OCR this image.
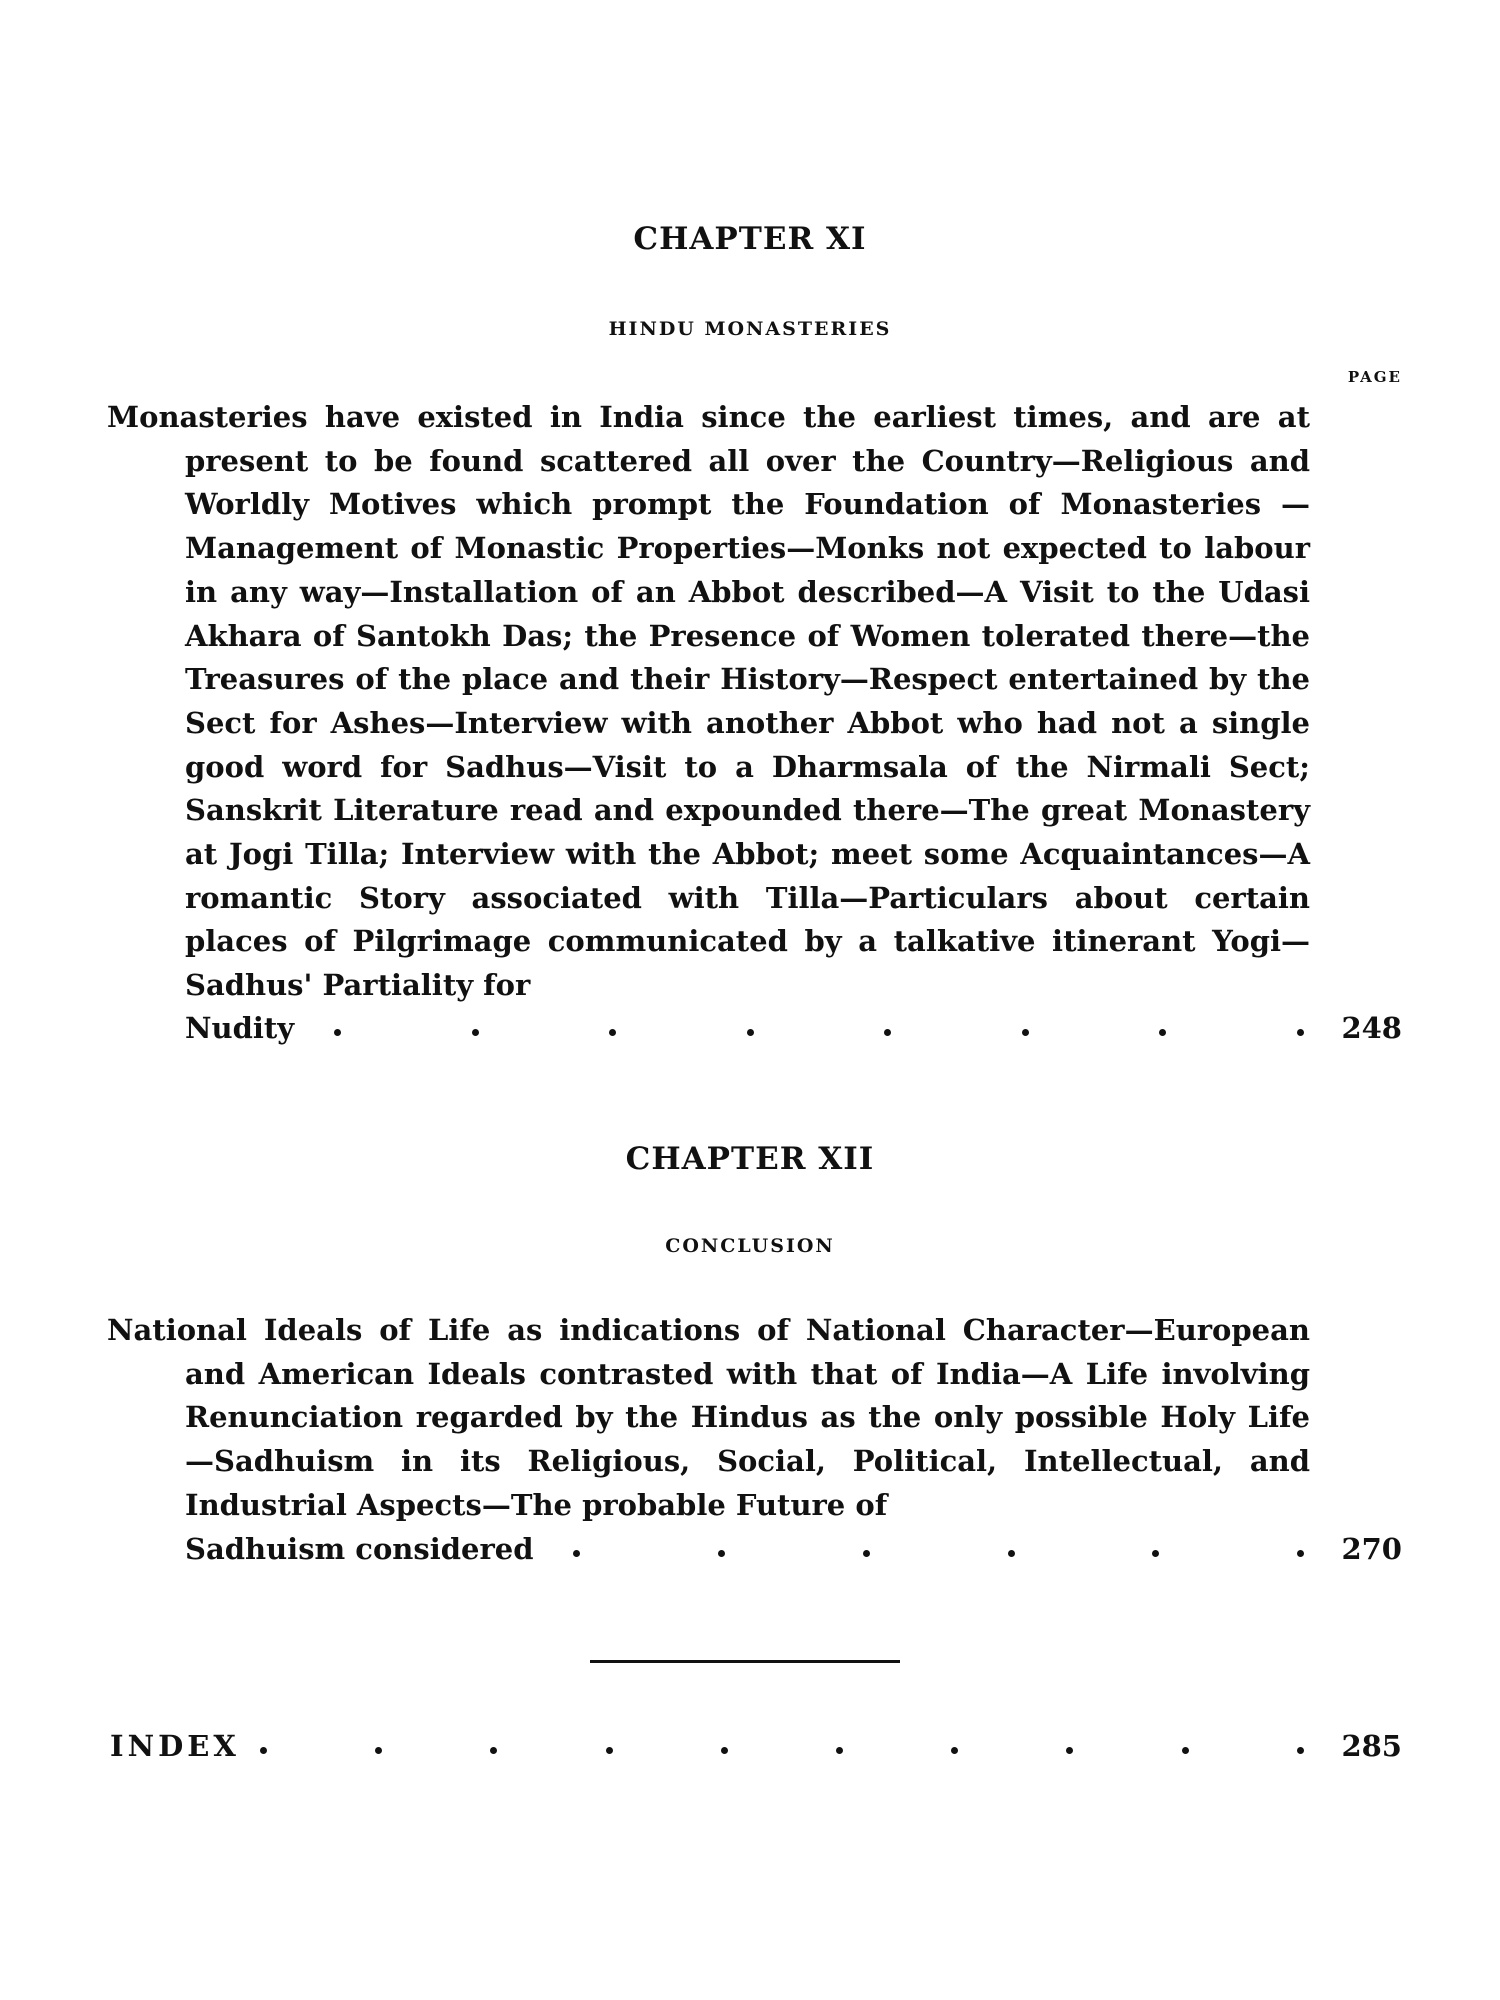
CHAPTER XI
HINDU MONASTERIES
PAGE

Monasteries have existed in India since the earliest times, and are at present to be found scattered all over the Country—Religious and Worldly Motives which prompt the Foundation of Monasteries —Management of Monastic Properties—Monks not expected to labour in any way—Installation of an Abbot described—A Visit to the Udasi Akhara of Santokh Das; the Presence of Women tolerated there—the Treasures of the place and their History—Respect entertained by the Sect for Ashes—Interview with another Abbot who had not a single good word for Sadhus—Visit to a Dharmsala of the Nirmali Sect; Sanskrit Literature read and expounded there—The great Monastery at Jogi Tilla; Interview with the Abbot; meet some Acquaintances—A romantic Story associated with Tilla—Particulars about certain places of Pilgrimage communicated by a talkative itinerant Yogi—Sadhus' Partiality for

Nudity	248
CHAPTER XII
CONCLUSION

National Ideals of Life as indications of National Character—European and American Ideals contrasted with that of India—A Life involving Renunciation regarded by the Hindus as the only possible Holy Life—Sadhuism in its Religious, Social, Political, Intellectual, and Industrial Aspects—The probable Future of

Sadhuism considered	270
INDEX	285
